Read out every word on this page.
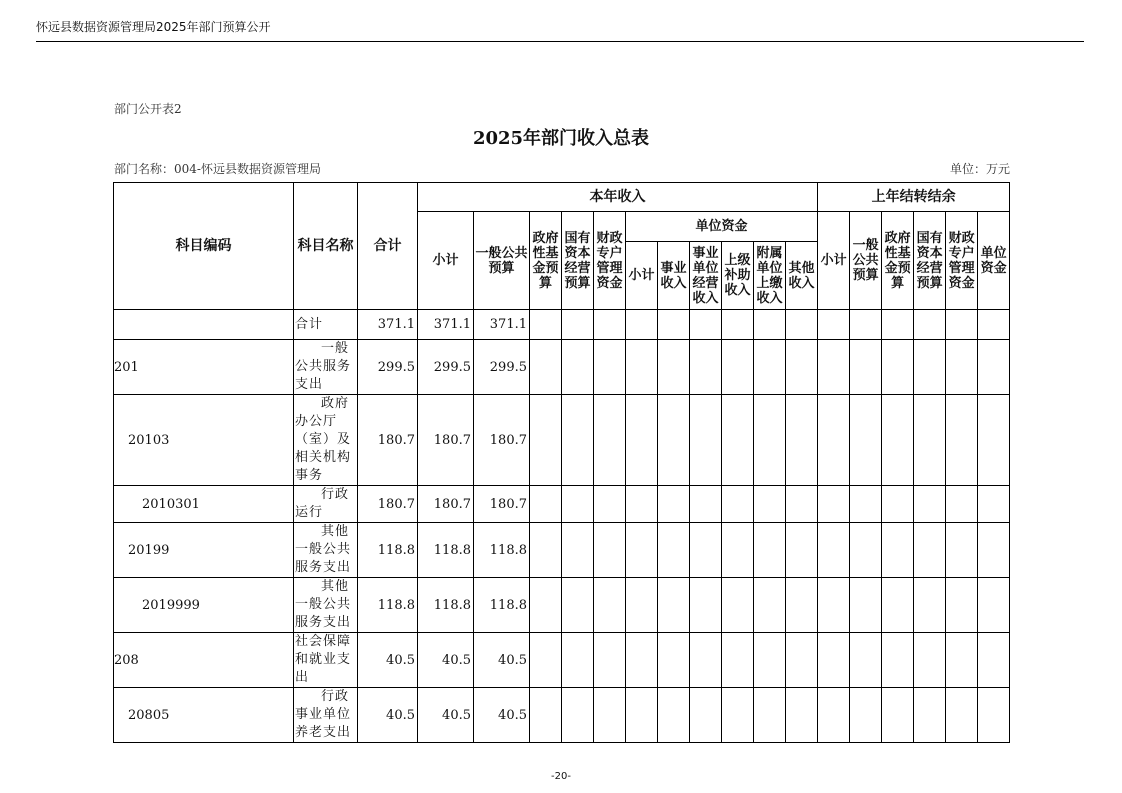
怀远县数据资源管理局2025年部门预算公开
部门公开表2
2025年部门收入总表
部门名称：004-怀远县数据资源管理局	单位：万元
科目编码	科目名称	合计	本年收入											上年结转结余					
			小计	一般公共预算	政府性基金预算	国有资本经营预算	财政专户管理资金	单位资金						小计	一般公共预算	政府性基金预算	国有资本经营预算	财政专户管理资金	单位资金
								小计	事业收入	事业单位经营收入	上级补助收入	附属单位上缴收入	其他收入						
	合计	371.1	371.1	371.1															
201	一般公共服务支出	299.5	299.5	299.5															
20103	政府办公厅（室）及相关机构事务	180.7	180.7	180.7															
2010301	行政运行	180.7	180.7	180.7															
20199	其他一般公共服务支出	118.8	118.8	118.8															
2019999	其他一般公共服务支出	118.8	118.8	118.8															
208	社会保障和就业支出	40.5	40.5	40.5															
20805	行政事业单位养老支出	40.5	40.5	40.5															
-20-
